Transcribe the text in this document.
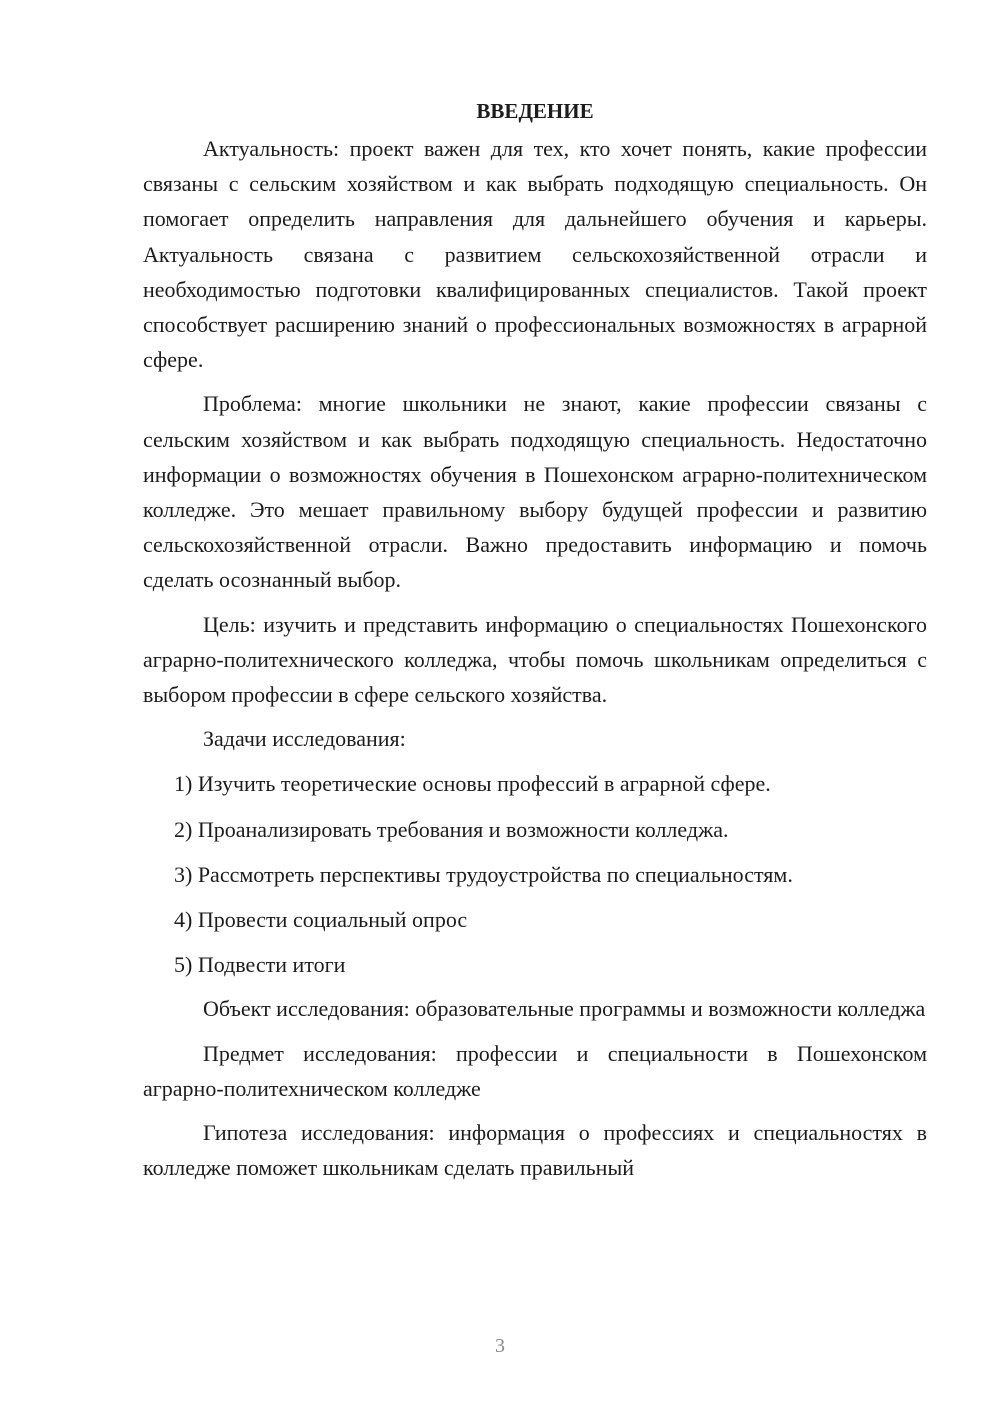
ВВЕДЕНИЕ

Актуальность: проект важен для тех, кто хочет понять, какие профессии связаны с сельским хозяйством и как выбрать подходящую специальность. Он помогает определить направления для дальнейшего обучения и карьеры. Актуальность связана с развитием сельскохозяйственной отрасли и необходимостью подготовки квалифицированных специалистов. Такой проект способствует расширению знаний о профессиональных возможностях в аграрной сфере.

Проблема: многие школьники не знают, какие профессии связаны с сельским хозяйством и как выбрать подходящую специальность. Недостаточно информации о возможностях обучения в Пошехонском аграрно-политехническом колледже. Это мешает правильному выбору будущей профессии и развитию сельскохозяйственной отрасли. Важно предоставить информацию и помочь сделать осознанный выбор.

Цель: изучить и представить информацию о специальностях Пошехонского аграрно-политехнического колледжа, чтобы помочь школьникам определиться с выбором профессии в сфере сельского хозяйства.

Задачи исследования:

1) Изучить теоретические основы профессий в аграрной сфере.

2) Проанализировать требования и возможности колледжа.

3) Рассмотреть перспективы трудоустройства по специальностям.

4) Провести социальный опрос

5) Подвести итоги

Объект исследования: образовательные программы и возможности колледжа

Предмет исследования: профессии и специальности в Пошехонском аграрно-политехническом колледже

Гипотеза исследования: информация о профессиях и специальностях в колледже поможет школьникам сделать правильный

3
